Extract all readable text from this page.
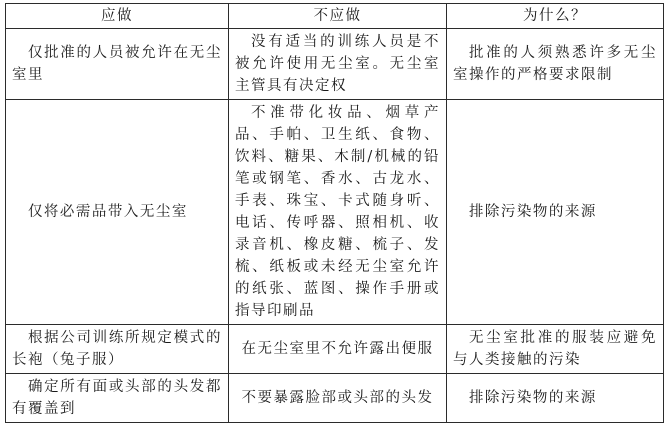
应做	不应做	为什么？
仅批准的人员被允许在无尘室里	没有适当的训练人员是不被允许使用无尘室。无尘室主管具有决定权	批准的人须熟悉许多无尘室操作的严格要求限制
仅将必需品带入无尘室	不准带化妆品、烟草产品、手帕、卫生纸、食物、饮料、糖果、木制/机械的铅笔或钢笔、香水、古龙水、手表、珠宝、卡式随身听、电话、传呼器、照相机、收录音机、橡皮糖、梳子、发梳、纸板或未经无尘室允许的纸张、蓝图、操作手册或指导印刷品	排除污染物的来源
根据公司训练所规定模式的长袍（兔子服）	在无尘室里不允许露出便服	无尘室批准的服装应避免与人类接触的污染
确定所有面或头部的头发都有覆盖到	不要暴露脸部或头部的头发	排除污染物的来源
